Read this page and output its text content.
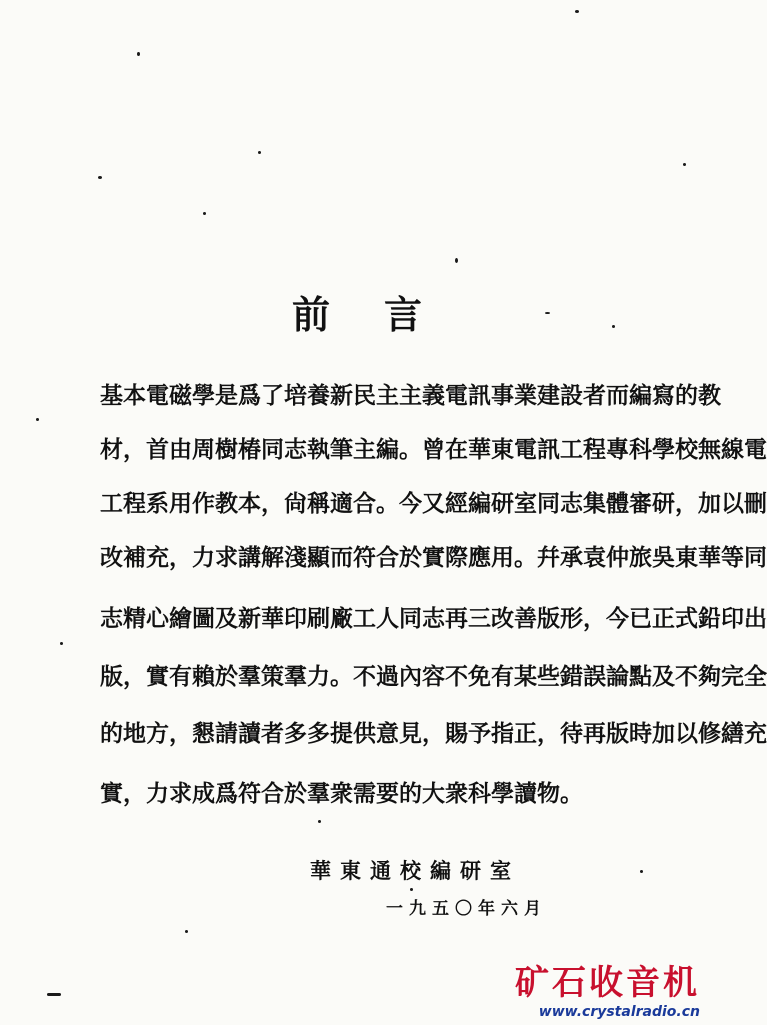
前 言
基本電磁學是爲了培養新民主主義電訊事業建設者而編寫的教
材，首由周樹椿同志執筆主編。曾在華東電訊工程專科學校無線電
工程系用作教本，尙稱適合。今又經編研室同志集體審研，加以刪
改補充，力求講解淺顯而符合於實際應用。幷承袁仲旅吳東華等同
志精心繪圖及新華印刷廠工人同志再三改善版形，今已正式鉛印出
版，實有賴於羣策羣力。不過內容不免有某些錯誤論點及不夠完全
的地方，懇請讀者多多提供意見，賜予指正，待再版時加以修繕充
實，力求成爲符合於羣衆需要的大衆科學讀物。
華東通校編研室
一九五〇年六月
矿石收音机
www.crystalradio.cn
